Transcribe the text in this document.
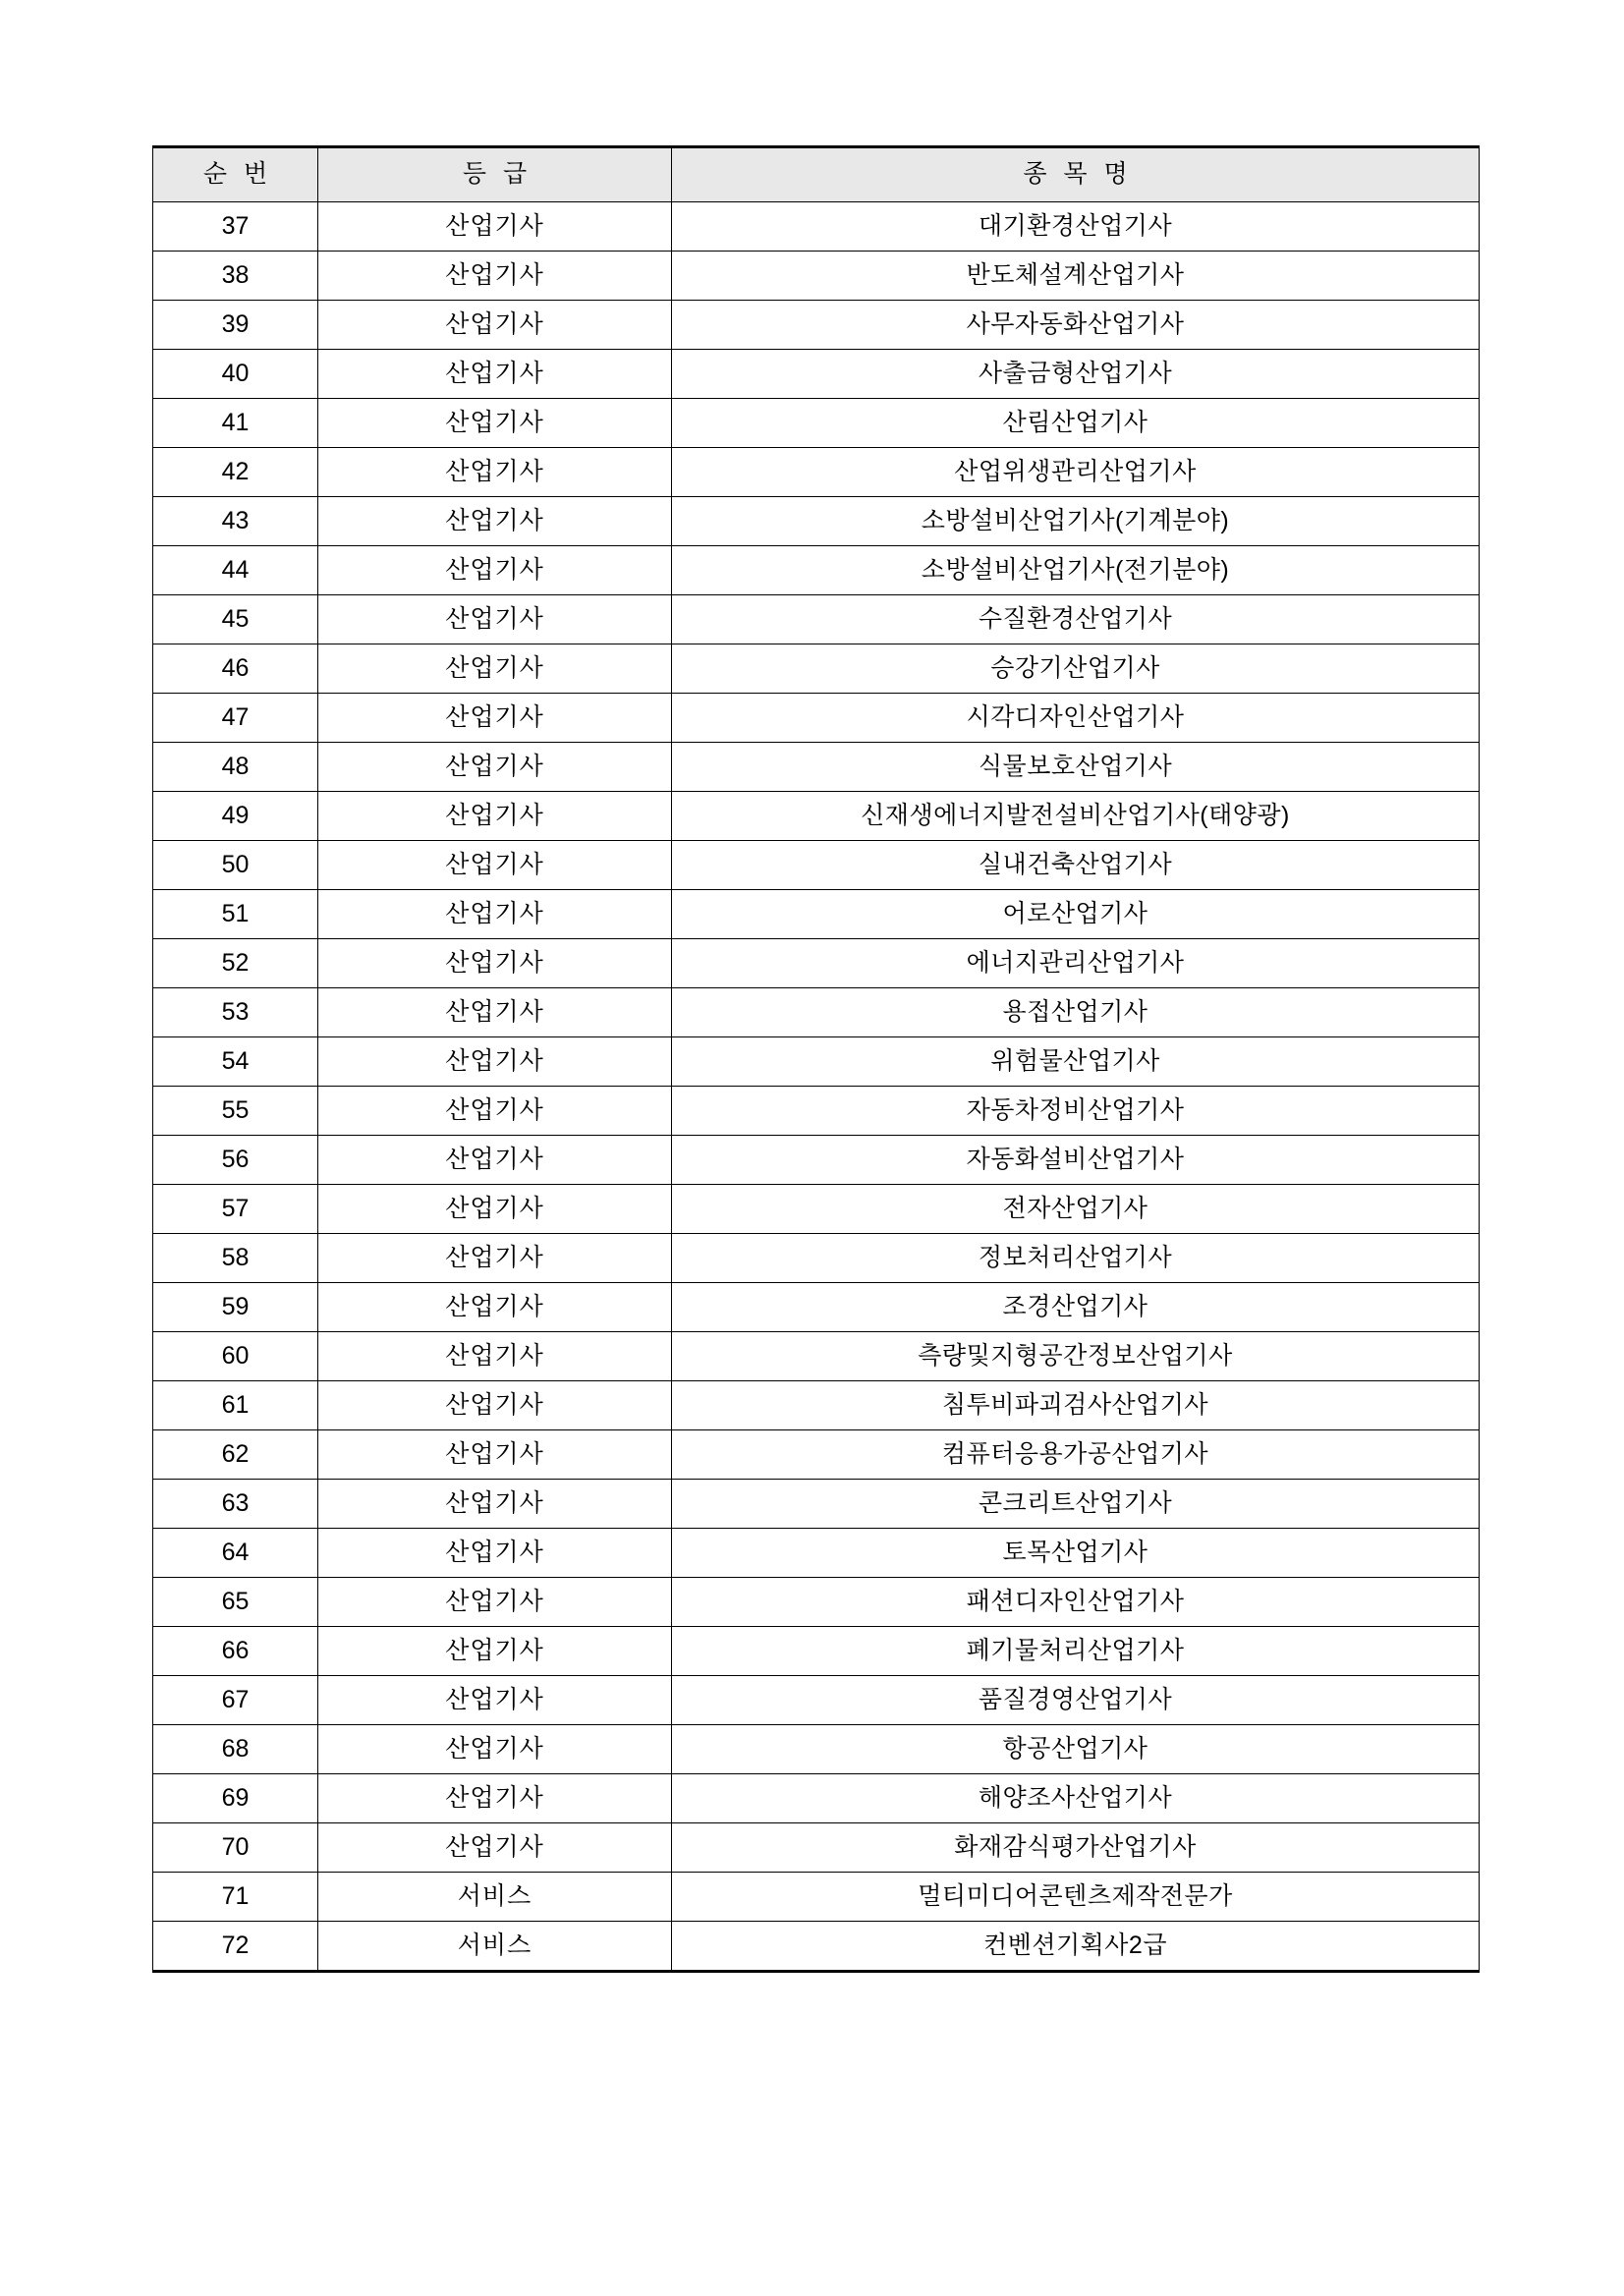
순 번	등 급	종 목 명
37	산업기사	대기환경산업기사
38	산업기사	반도체설계산업기사
39	산업기사	사무자동화산업기사
40	산업기사	사출금형산업기사
41	산업기사	산림산업기사
42	산업기사	산업위생관리산업기사
43	산업기사	소방설비산업기사(기계분야)
44	산업기사	소방설비산업기사(전기분야)
45	산업기사	수질환경산업기사
46	산업기사	승강기산업기사
47	산업기사	시각디자인산업기사
48	산업기사	식물보호산업기사
49	산업기사	신재생에너지발전설비산업기사(태양광)
50	산업기사	실내건축산업기사
51	산업기사	어로산업기사
52	산업기사	에너지관리산업기사
53	산업기사	용접산업기사
54	산업기사	위험물산업기사
55	산업기사	자동차정비산업기사
56	산업기사	자동화설비산업기사
57	산업기사	전자산업기사
58	산업기사	정보처리산업기사
59	산업기사	조경산업기사
60	산업기사	측량및지형공간정보산업기사
61	산업기사	침투비파괴검사산업기사
62	산업기사	컴퓨터응용가공산업기사
63	산업기사	콘크리트산업기사
64	산업기사	토목산업기사
65	산업기사	패션디자인산업기사
66	산업기사	폐기물처리산업기사
67	산업기사	품질경영산업기사
68	산업기사	항공산업기사
69	산업기사	해양조사산업기사
70	산업기사	화재감식평가산업기사
71	서비스	멀티미디어콘텐츠제작전문가
72	서비스	컨벤션기획사2급
